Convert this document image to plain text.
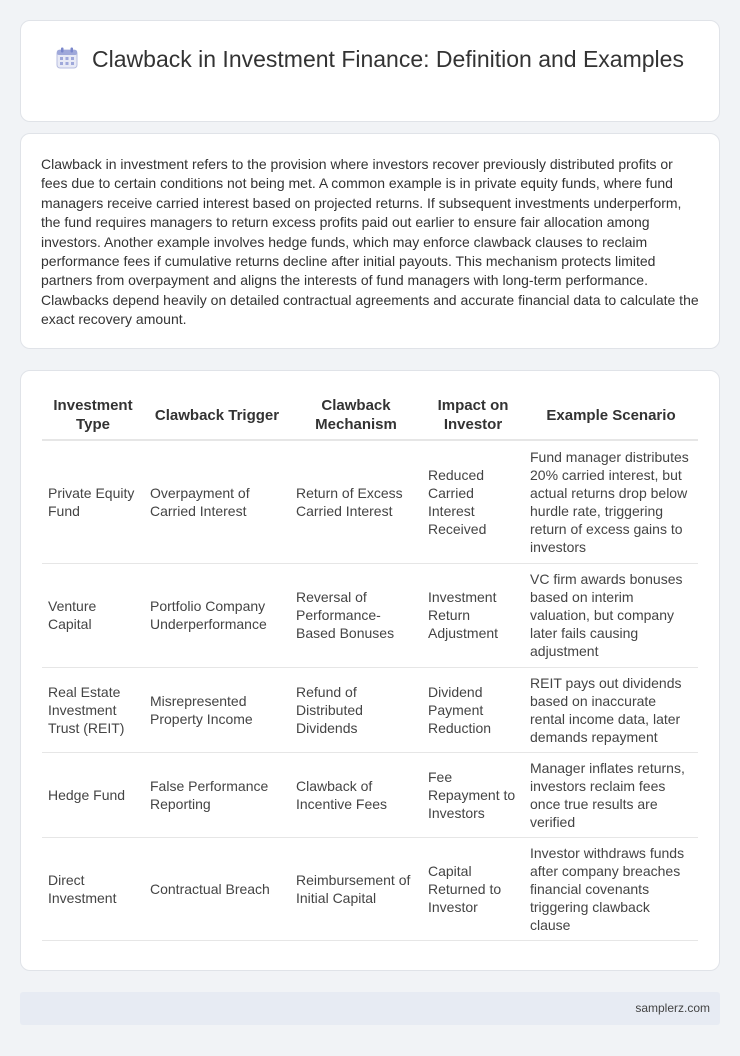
Clawback in Investment Finance: Definition and Examples

Clawback in investment refers to the provision where investors recover previously distributed profits or fees due to certain conditions not being met. A common example is in private equity funds, where fund managers receive carried interest based on projected returns. If subsequent investments underperform, the fund requires managers to return excess profits paid out earlier to ensure fair allocation among investors. Another example involves hedge funds, which may enforce clawback clauses to reclaim performance fees if cumulative returns decline after initial payouts. This mechanism protects limited partners from overpayment and aligns the interests of fund managers with long-term performance. Clawbacks depend heavily on detailed contractual agreements and accurate financial data to calculate the exact recovery amount.

Investment Type	Clawback Trigger	Clawback Mechanism	Impact on Investor	Example Scenario
Private Equity Fund	Overpayment of Carried Interest	Return of Excess Carried Interest	Reduced Carried Interest Received	Fund manager distributes 20% carried interest, but actual returns drop below hurdle rate, triggering return of excess gains to investors
Venture Capital	Portfolio Company Underperformance	Reversal of Performance-Based Bonuses	Investment Return Adjustment	VC firm awards bonuses based on interim valuation, but company later fails causing adjustment
Real Estate Investment Trust (REIT)	Misrepresented Property Income	Refund of Distributed Dividends	Dividend Payment Reduction	REIT pays out dividends based on inaccurate rental income data, later demands repayment
Hedge Fund	False Performance Reporting	Clawback of Incentive Fees	Fee Repayment to Investors	Manager inflates returns, investors reclaim fees once true results are verified
Direct Investment	Contractual Breach	Reimbursement of Initial Capital	Capital Returned to Investor	Investor withdraws funds after company breaches financial covenants triggering clawback clause
samplerz.com
